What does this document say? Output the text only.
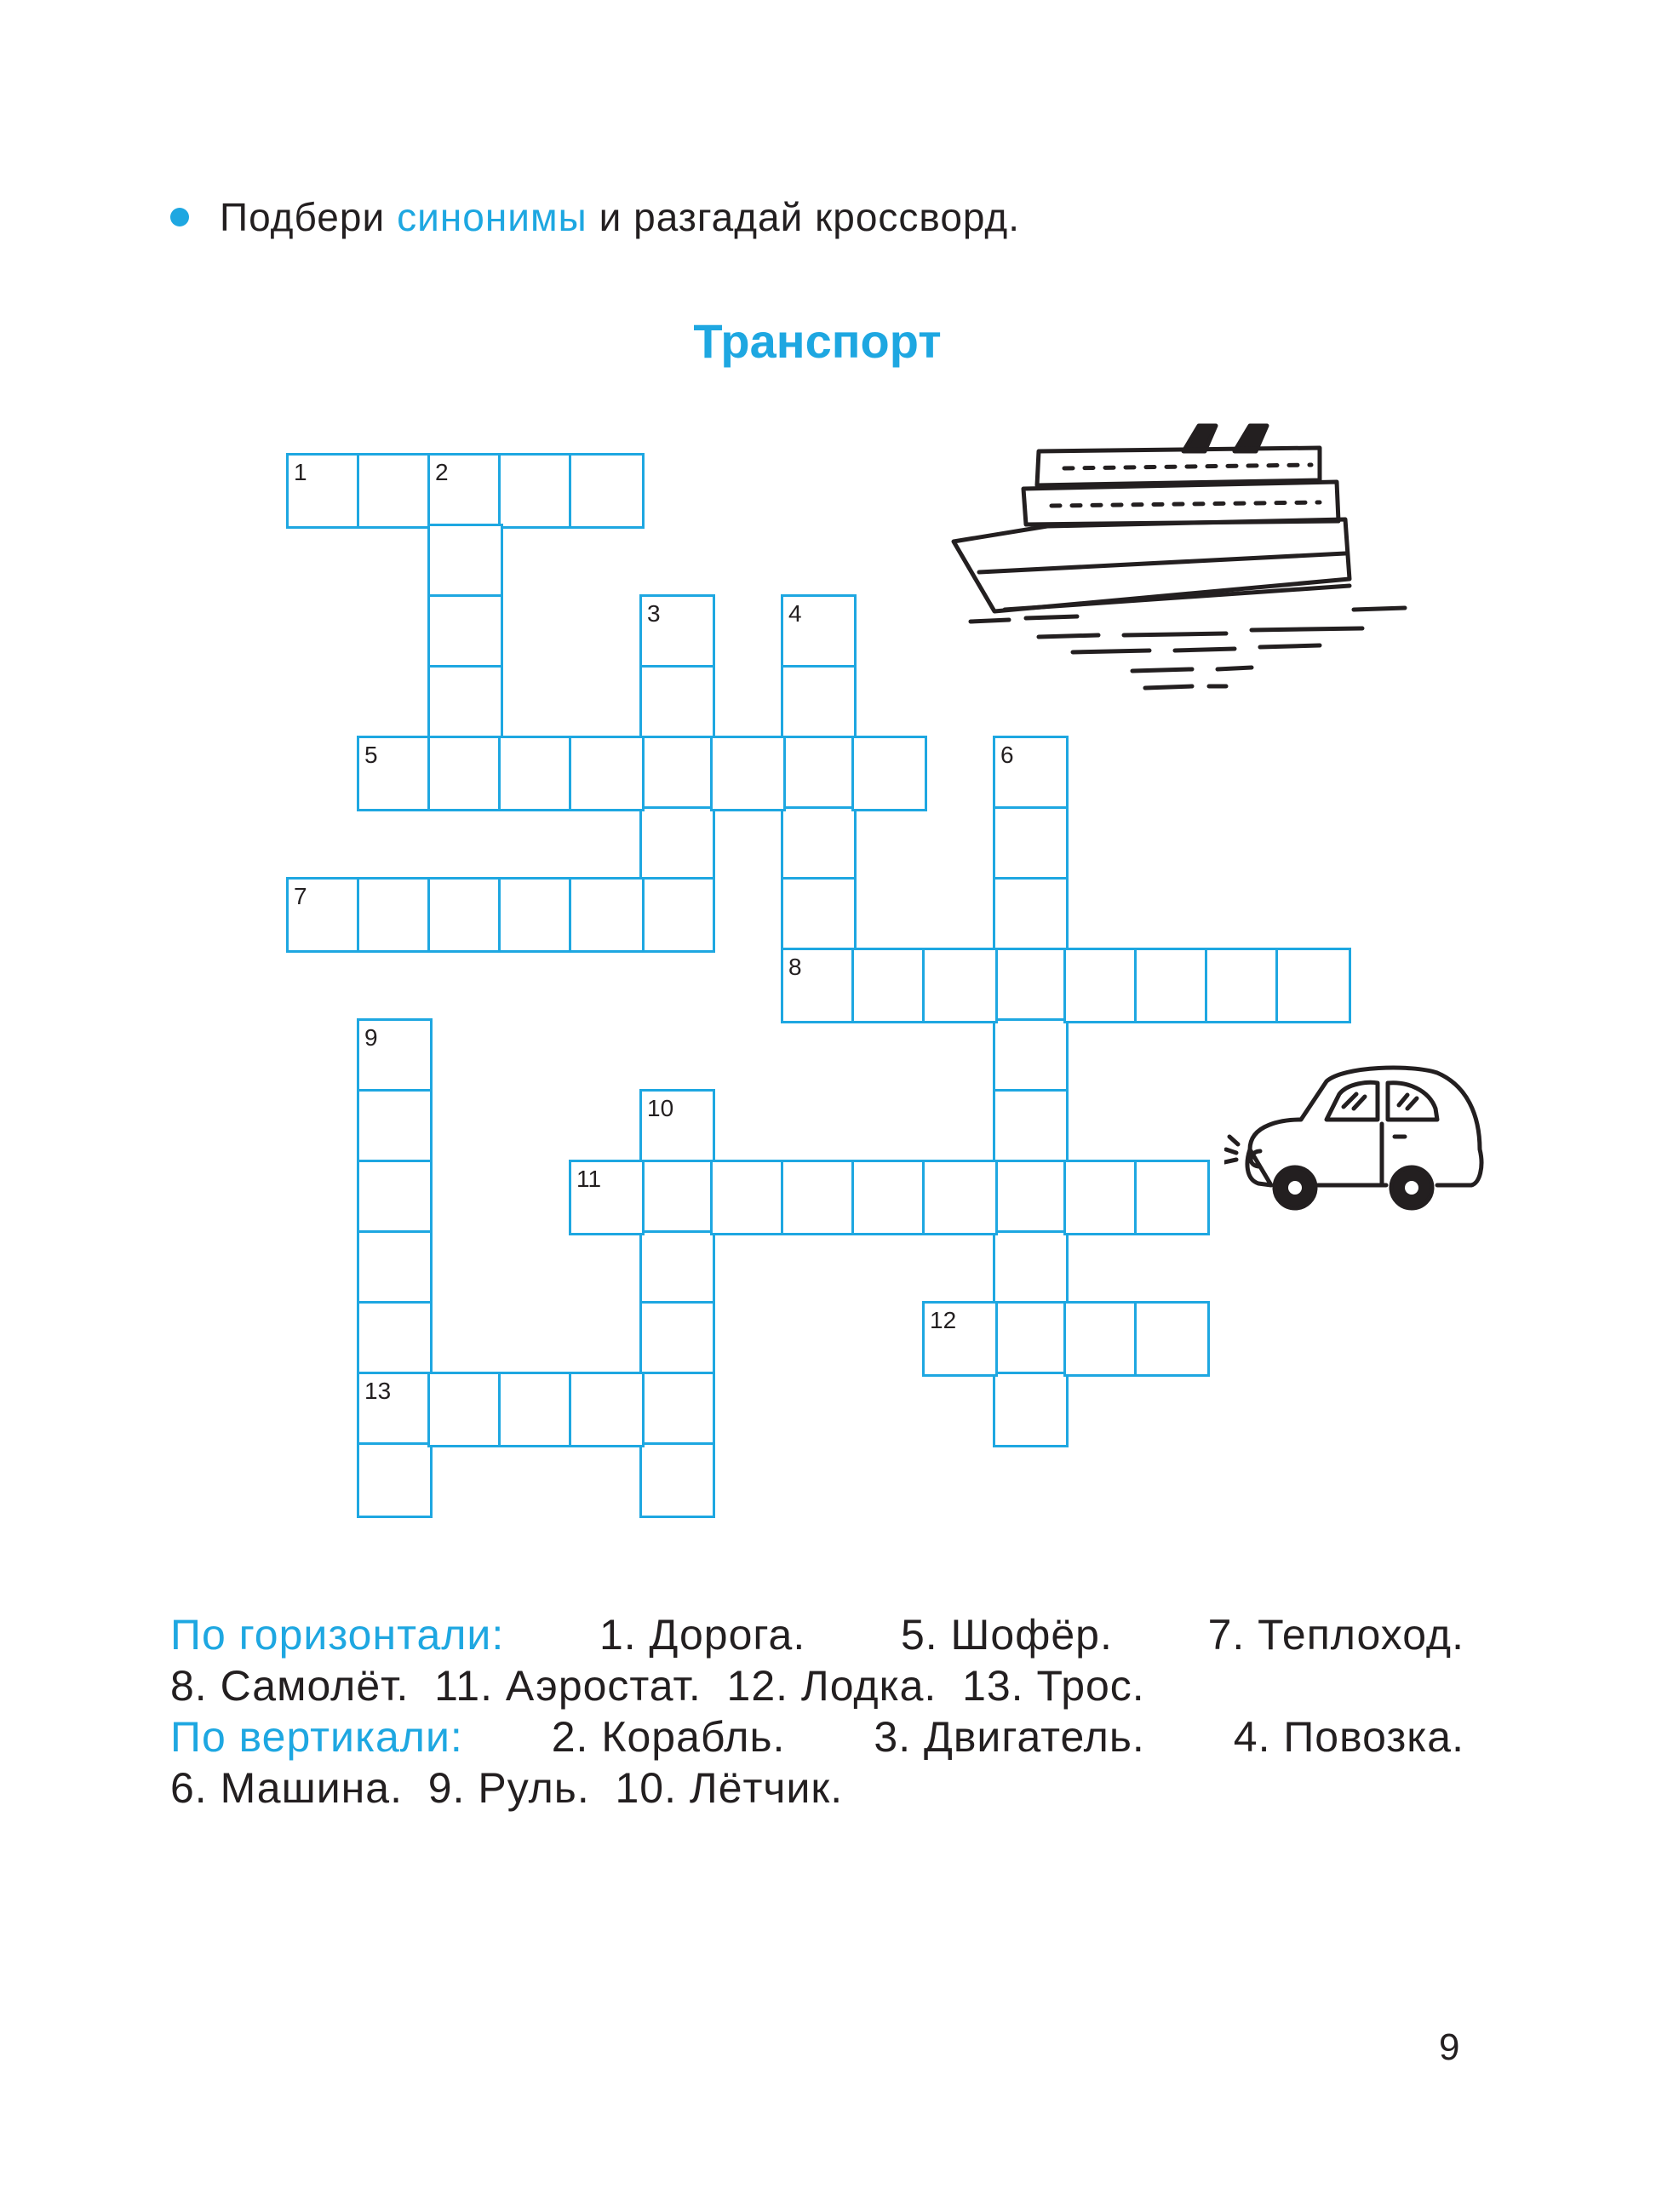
Подбери синонимы и разгадай кроссворд.
Транспорт
1	2
3	4
8
5	6
7
9
13
10
11
12
По горизонтали: 1. Дорога. 5. Шофёр. 7. Теплоход.
8. Самолёт.  11. Аэростат.  12. Лодка.  13. Трос.
По вертикали: 2. Корабль. 3. Двигатель. 4. Повозка.
6. Машина.  9. Руль.  10. Лётчик.
9
